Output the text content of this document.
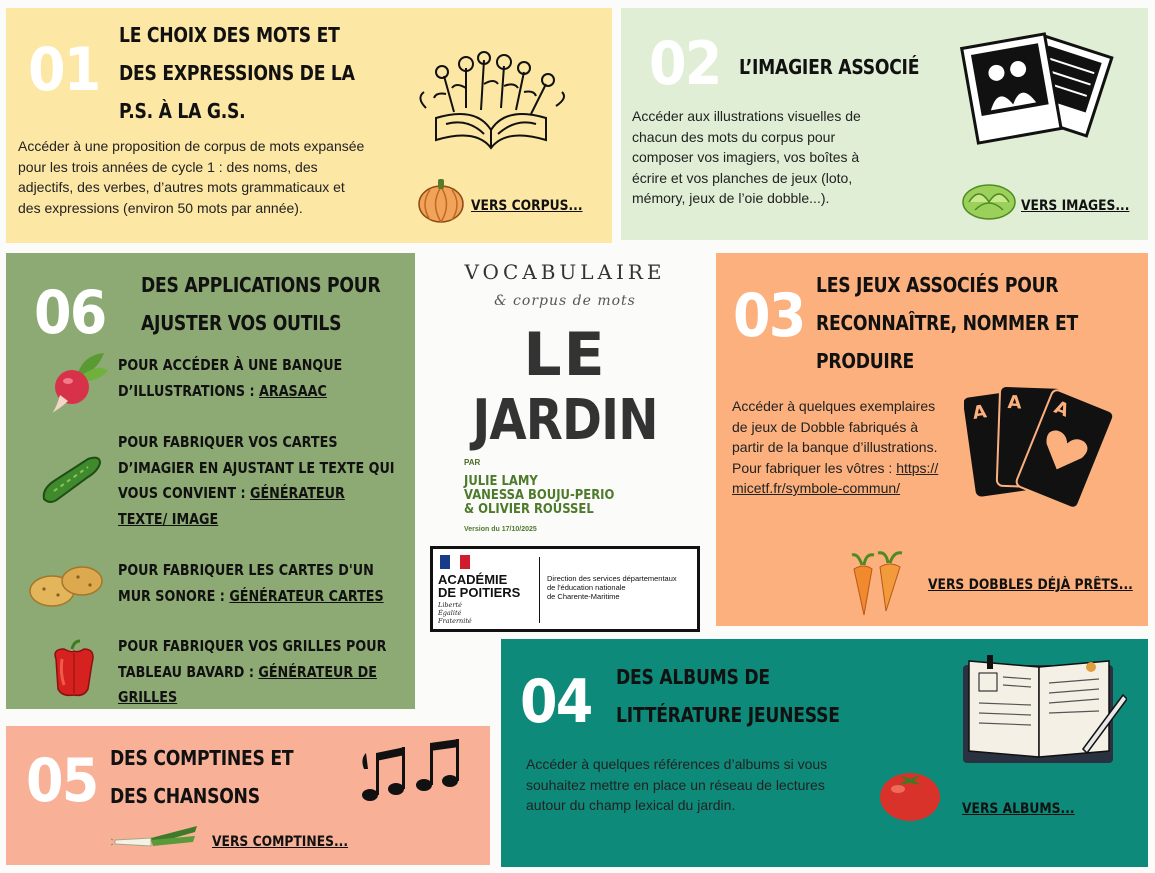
01 LE CHOIX DES MOTS ET
DES EXPRESSIONS DE LA
P.S. À LA G.S.
Accéder à une proposition de corpus de mots expansée pour les trois années de cycle 1 : des noms, des adjectifs, des verbes, d’autres mots grammaticaux et des expressions (environ 50 mots par année).	VERS CORPUS...
02 L’IMAGIER ASSOCIÉ
Accéder aux illustrations visuelles de chacun des mots du corpus pour composer vos imagiers, vos boîtes à écrire et vos planches de jeux (loto, mémory, jeux de l’oie dobble...).	VERS IMAGES...
06 DES APPLICATIONS POUR
AJUSTER VOS OUTILS
POUR ACCÉDER À UNE BANQUE D’ILLUSTRATIONS : ARASAAC
POUR FABRIQUER VOS CARTES D’IMAGIER EN AJUSTANT LE TEXTE QUI VOUS CONVIENT : GÉNÉRATEUR TEXTE/ IMAGE
POUR FABRIQUER LES CARTES D'UN MUR SONORE : GÉNÉRATEUR CARTES
POUR FABRIQUER VOS GRILLES POUR TABLEAU BAVARD : GÉNÉRATEUR DE GRILLES
VOCABULAIRE
& corpus de mots
LE
JARDIN
PAR
JULIE LAMY
VANESSA BOUJU-PERIO
& OLIVIER ROUSSEL
Version du 17/10/2025
ACADÉMIE
DE POITIERS
Liberté
Égalité
Fraternité
Direction des services départementaux
de l'éducation nationale
de Charente-Maritime
03 LES JEUX ASSOCIÉS POUR
RECONNAÎTRE, NOMMER ET
PRODUIRE
Accéder à quelques exemplaires de jeux de Dobble fabriqués à partir de la banque d’illustrations. Pour fabriquer les vôtres : https://micetf.fr/symbole-commun/
A A A
VERS DOBBLES DÉJÀ PRÊTS...
04 DES ALBUMS DE
LITTÉRATURE JEUNESSE
Accéder à quelques références d’albums si vous souhaitez mettre en place un réseau de lectures autour du champ lexical du jardin.	VERS ALBUMS...
05 DES COMPTINES ET
DES CHANSONS
VERS COMPTINES...
